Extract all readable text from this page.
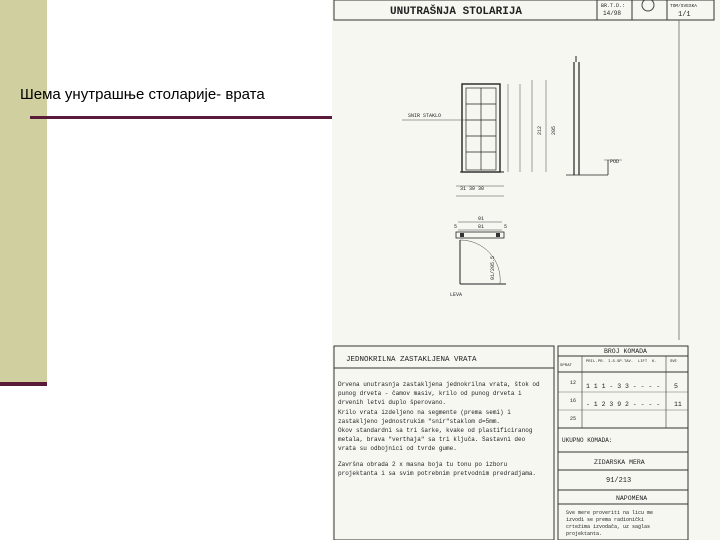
Шема унутрашње столарије- врата
UNUTRAŠNJA STOLARIJA	BR.T.D.:
14/98
TOM/SVESKA
1/1
SNIR STAKLO
212 205
31 30 30
POD
91
81
5	5
91/205.5
LEVA
JEDNOKRILNA ZASTAKLJENA VRATA
Drvena unutrasnja zastakljena jednokrilna vrata, štok od
punog drveta - čamov masiv, krilo od punog drveta i
drvenih letvi duplo šperovano.
Krilo vrata izdeljeno na segmente (prema semi) i
zastakljeno jednostrukim "snir"staklom d=5mm.
Okov standardni sa tri šarke, kvake od plastificiranog
metala, brava "verthaja" sa tri ključa. Sastavni deo
vrata su odbojnici od tvrde gume.
Završna obrada 2 x masna boja tu tonu po izboru
projektanta i sa svim potrebnim pretvodnim predradjama.
BROJ KOMADA
SPRAT
PRIL. PR. I-S.SP. TAV. LIFT K.	SVE
12 1 1 1 - 3 3 - - - - 5
16 - 1 2 3 9 2 - - - - 11
25
UKUPNO KOMADA:
ZIDARSKA MERA
91/213
NAPOMENA
Sve mere proveriti na licu me
izvodi se prema radionički
crtežima izvodača, uz saglas
projektanta.
